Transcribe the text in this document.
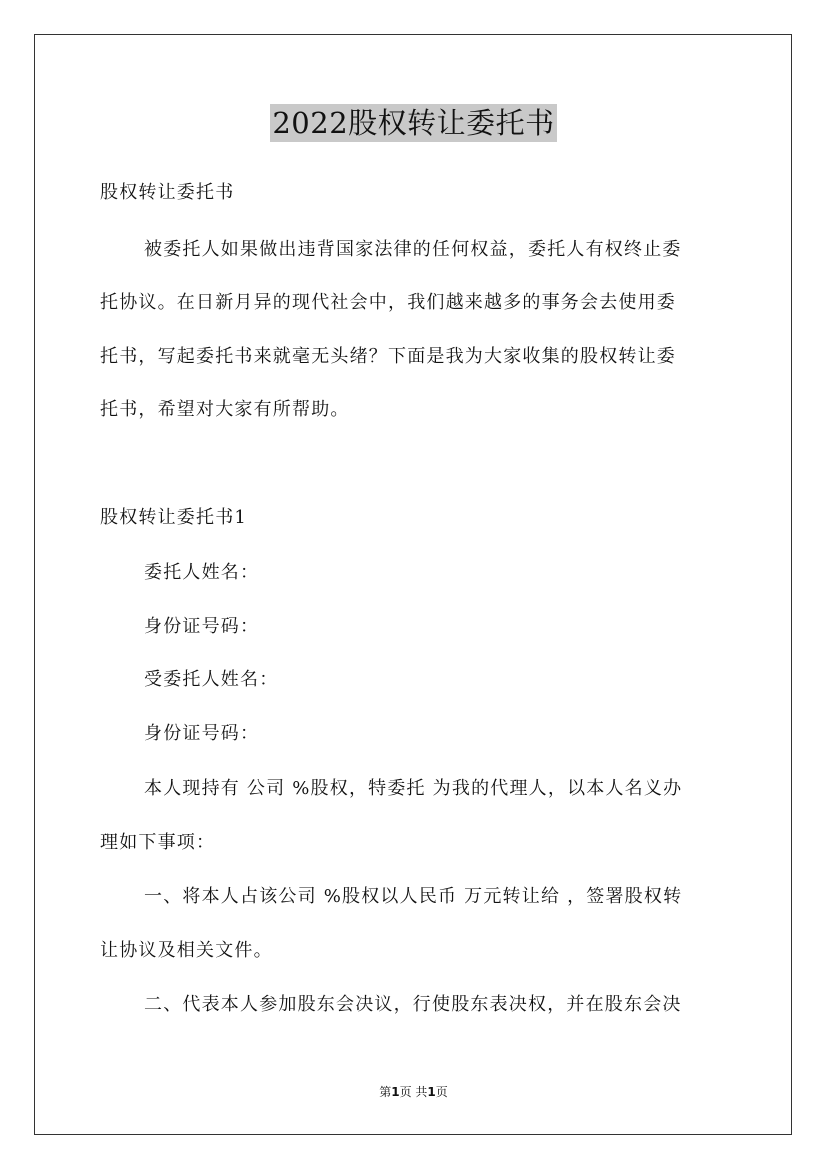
2022股权转让委托书
股权转让委托书
被委托人如果做出违背国家法律的任何权益，委托人有权终止委
托协议。在日新月异的现代社会中，我们越来越多的事务会去使用委
托书，写起委托书来就毫无头绪？下面是我为大家收集的股权转让委
托书，希望对大家有所帮助。
股权转让委托书1
委托人姓名：
身份证号码：
受委托人姓名：
身份证号码：
本人现持有 公司 %股权，特委托 为我的代理人，以本人名义办
理如下事项：
一、将本人占该公司 %股权以人民币 万元转让给 ，签署股权转
让协议及相关文件。
二、代表本人参加股东会决议，行使股东表决权，并在股东会决
第1页 共1页
